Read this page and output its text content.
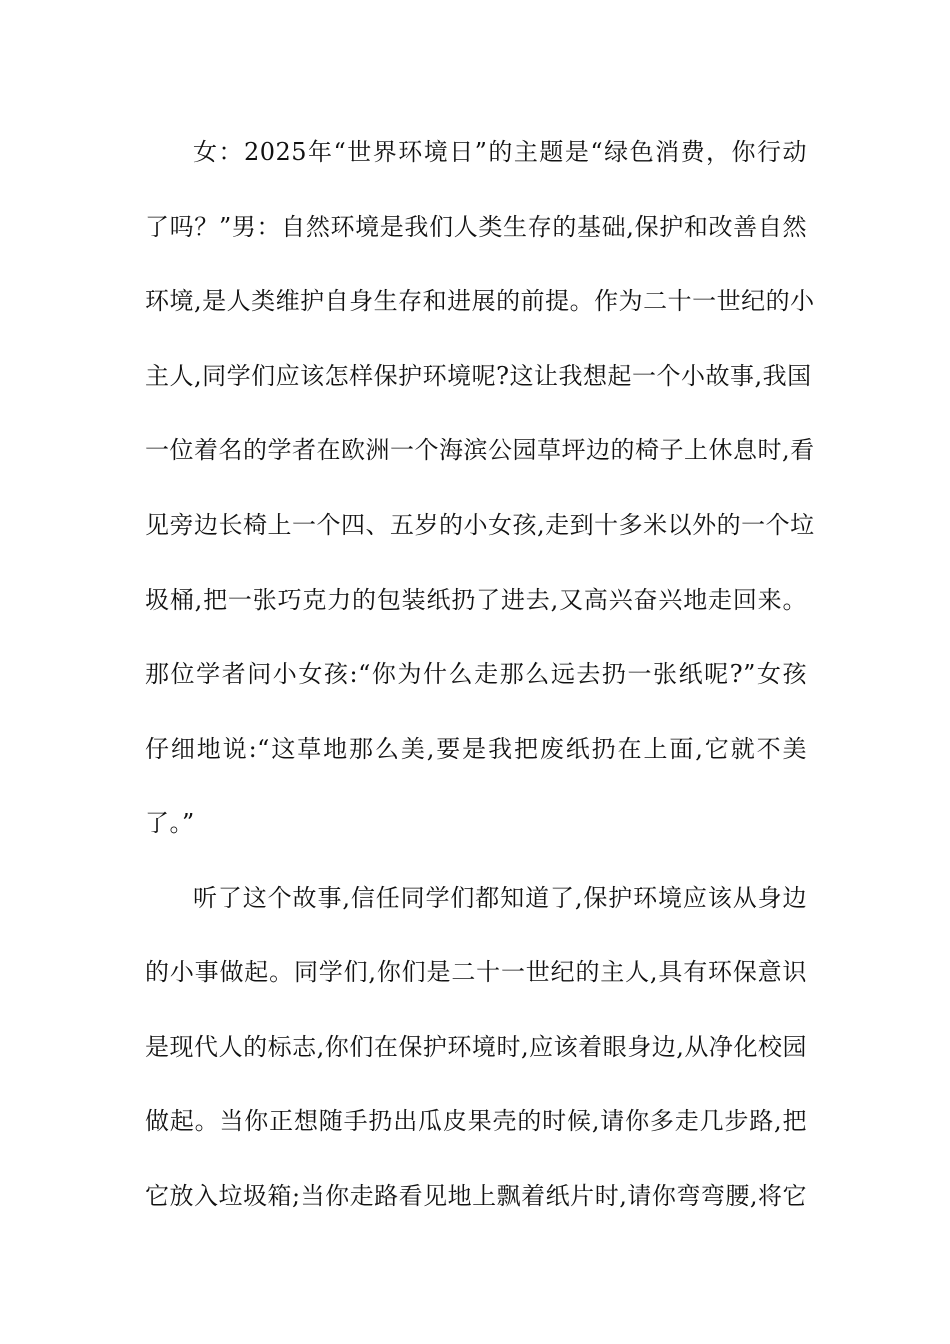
女：2025年“世界环境日”的主题是“绿色消费，你行动
了吗？”男：自然环境是我们人类生存的基础,保护和改善自然
环境,是人类维护自身生存和进展的前提。作为二十一世纪的小
主人,同学们应该怎样保护环境呢?这让我想起一个小故事,我国
一位着名的学者在欧洲一个海滨公园草坪边的椅子上休息时,看
见旁边长椅上一个四、五岁的小女孩,走到十多米以外的一个垃
圾桶,把一张巧克力的包装纸扔了进去,又高兴奋兴地走回来。
那位学者问小女孩:“你为什么走那么远去扔一张纸呢?”女孩
仔细地说:“这草地那么美,要是我把废纸扔在上面,它就不美
了。”
听了这个故事,信任同学们都知道了,保护环境应该从身边
的小事做起。同学们,你们是二十一世纪的主人,具有环保意识
是现代人的标志,你们在保护环境时,应该着眼身边,从净化校园
做起。当你正想随手扔出瓜皮果壳的时候,请你多走几步路,把
它放入垃圾箱;当你走路看见地上飘着纸片时,请你弯弯腰,将它
